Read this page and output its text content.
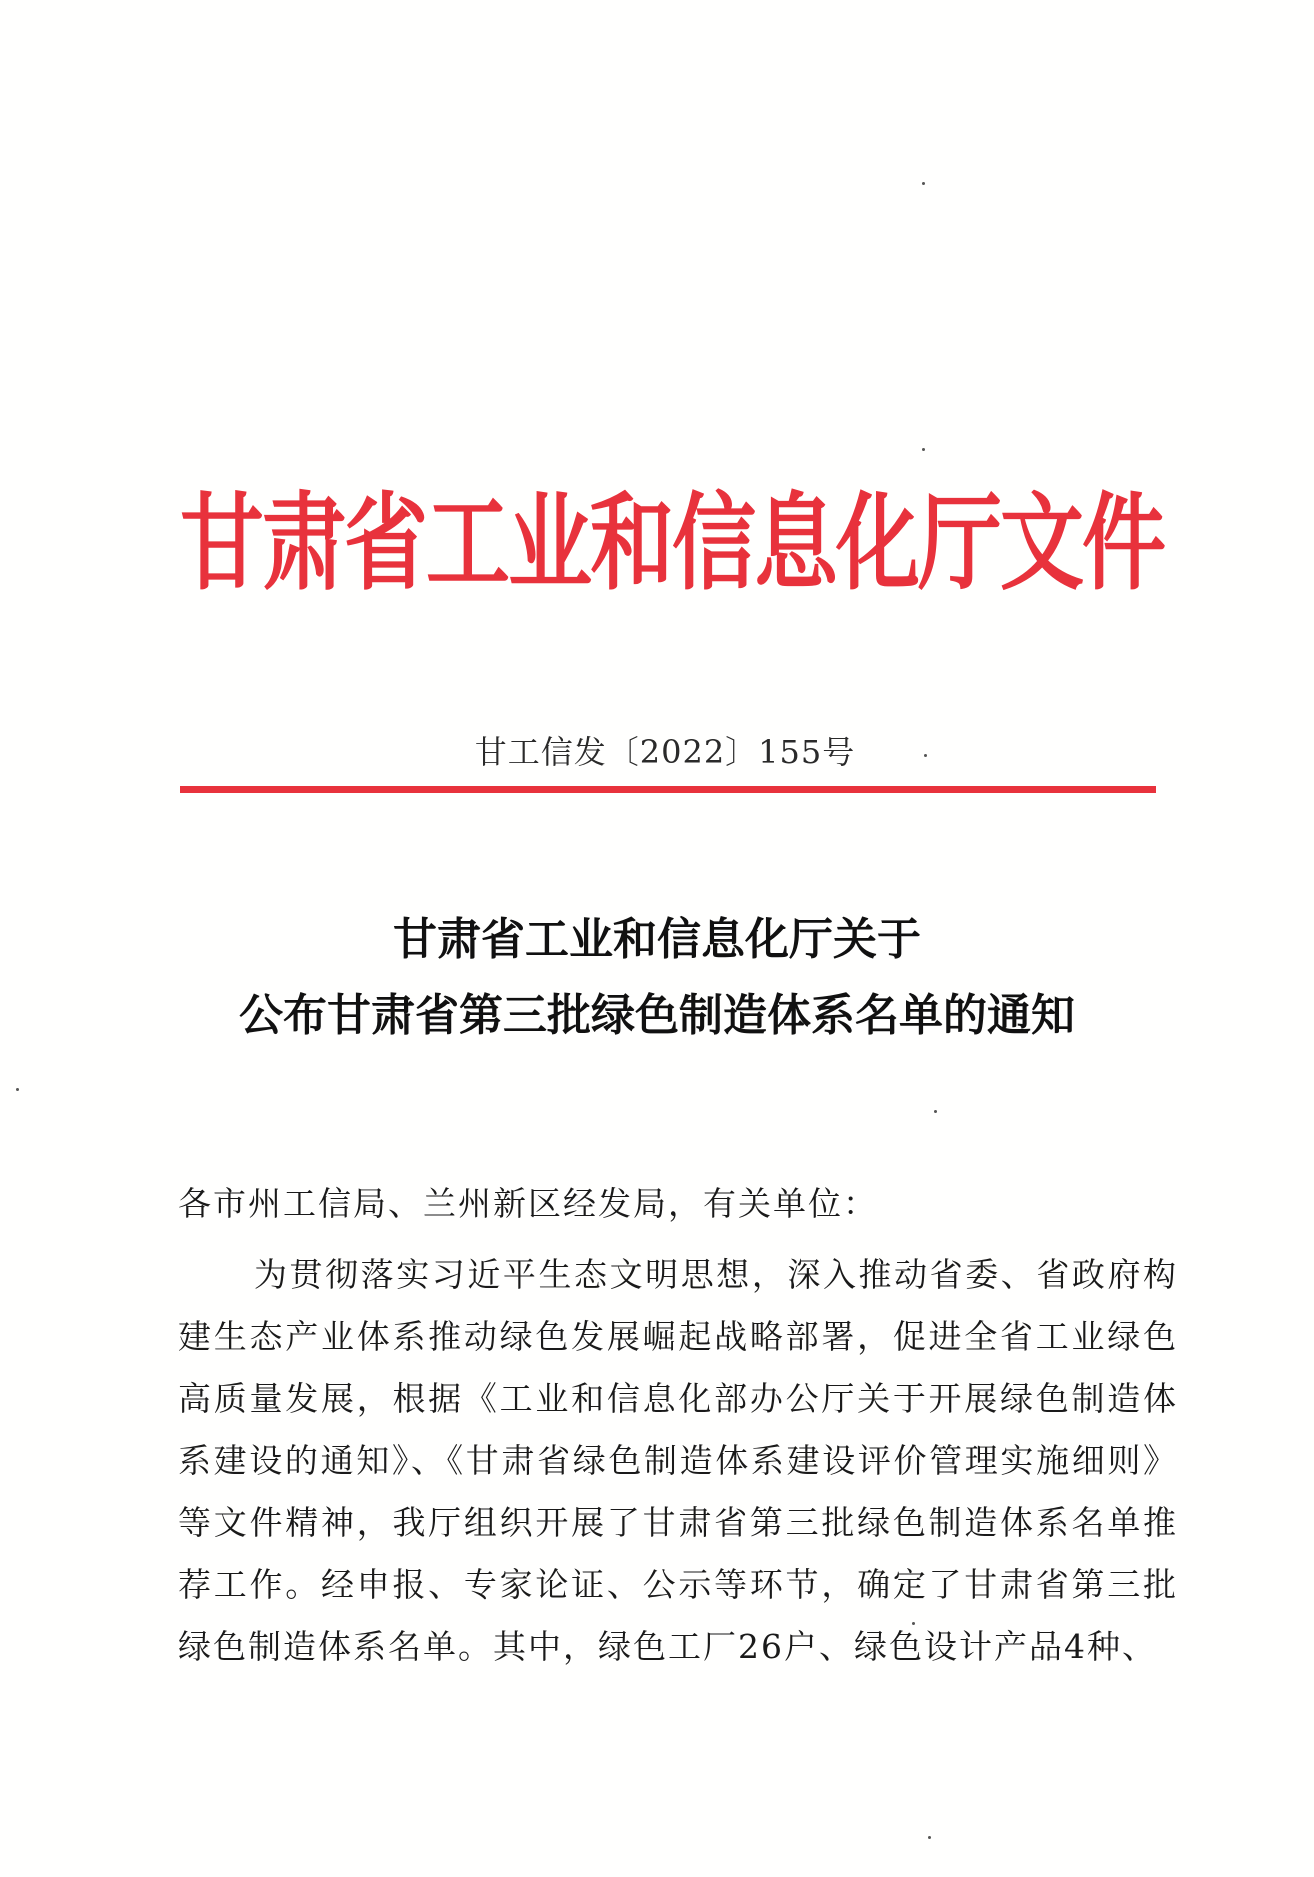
甘肃省工业和信息化厅文件
甘工信发〔2022〕155号
甘肃省工业和信息化厅关于
公布甘肃省第三批绿色制造体系名单的通知
各市州工信局、兰州新区经发局，有关单位：
为贯彻落实习近平生态文明思想，深入推动省委、省政府构建生态产业体系推动绿色发展崛起战略部署，促进全省工业绿色高质量发展，根据《工业和信息化部办公厅关于开展绿色制造体系建设的通知》、《甘肃省绿色制造体系建设评价管理实施细则》等文件精神，我厅组织开展了甘肃省第三批绿色制造体系名单推荐工作。经申报、专家论证、公示等环节，确定了甘肃省第三批绿色制造体系名单。其中，绿色工厂26户、绿色设计产品4种、
